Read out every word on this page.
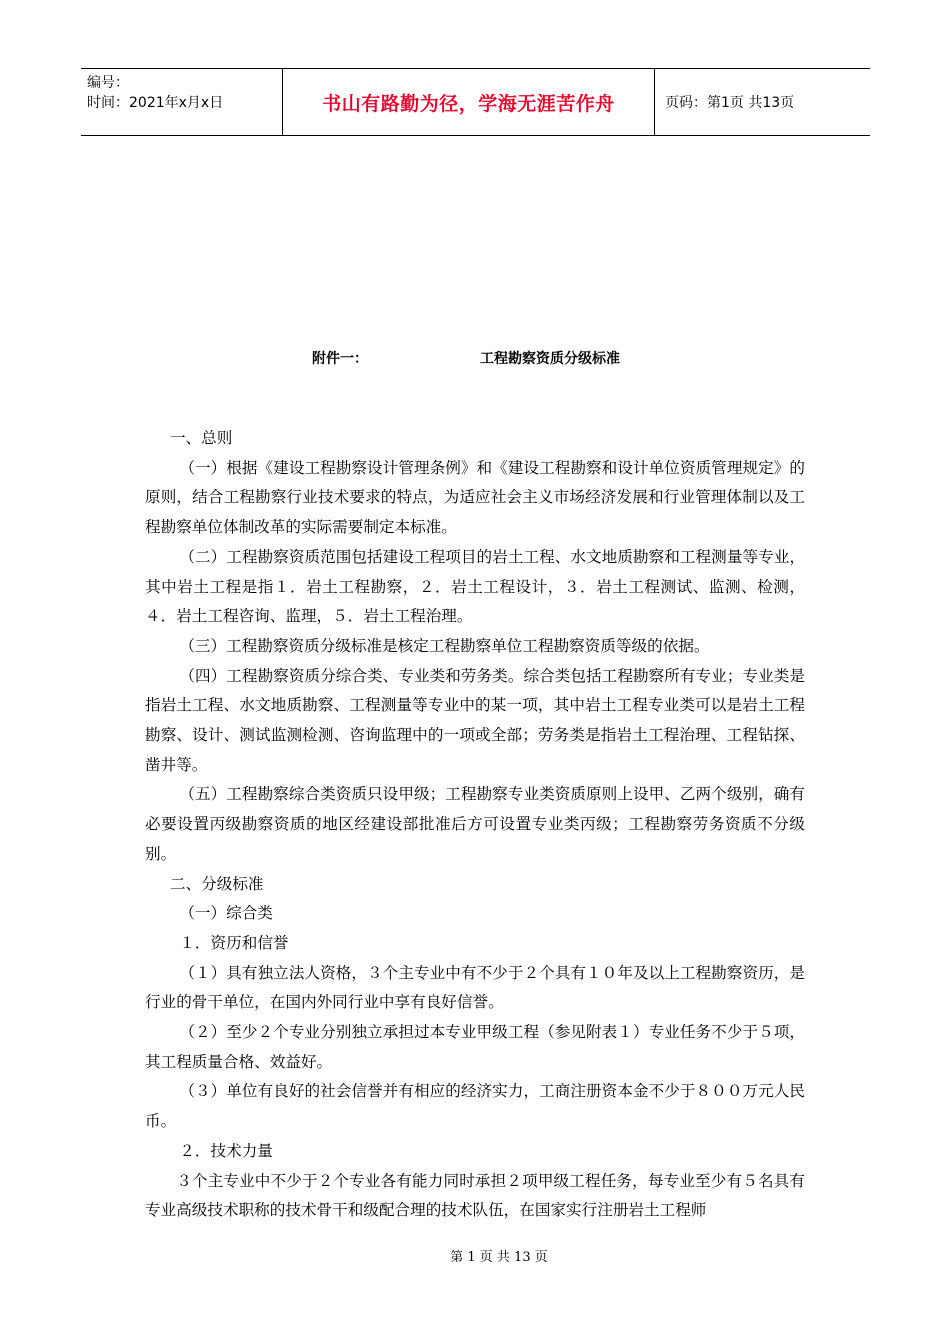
编号：
时间：2021年x月x日	书山有路勤为径，学海无涯苦作舟	页码：第1页 共13页
附件一：	工程勘察资质分级标准

一、总则

（一）根据《建设工程勘察设计管理条例》和《建设工程勘察和设计单位资质管理规定》的原则，结合工程勘察行业技术要求的特点，为适应社会主义市场经济发展和行业管理体制以及工程勘察单位体制改革的实际需要制定本标准。

（二）工程勘察资质范围包括建设工程项目的岩土工程、水文地质勘察和工程测量等专业，其中岩土工程是指１．岩土工程勘察，２．岩土工程设计，３．岩土工程测试、监测、检测，４．岩土工程咨询、监理，５．岩土工程治理。

（三）工程勘察资质分级标准是核定工程勘察单位工程勘察资质等级的依据。

（四）工程勘察资质分综合类、专业类和劳务类。综合类包括工程勘察所有专业；专业类是指岩土工程、水文地质勘察、工程测量等专业中的某一项，其中岩土工程专业类可以是岩土工程勘察、设计、测试监测检测、咨询监理中的一项或全部；劳务类是指岩土工程治理、工程钻探、凿井等。

（五）工程勘察综合类资质只设甲级；工程勘察专业类资质原则上设甲、乙两个级别，确有必要设置丙级勘察资质的地区经建设部批准后方可设置专业类丙级；工程勘察劳务资质不分级别。

二、分级标准

（一）综合类

１．资历和信誉

（１）具有独立法人资格，３个主专业中有不少于２个具有１０年及以上工程勘察资历，是行业的骨干单位，在国内外同行业中享有良好信誉。

（２）至少２个专业分别独立承担过本专业甲级工程（参见附表１）专业任务不少于５项，其工程质量合格、效益好。

（３）单位有良好的社会信誉并有相应的经济实力，工商注册资本金不少于８００万元人民币。

２．技术力量

３个主专业中不少于２个专业各有能力同时承担２项甲级工程任务，每专业至少有５名具有专业高级技术职称的技术骨干和级配合理的技术队伍，在国家实行注册岩土工程师

第 1 页 共 13 页
